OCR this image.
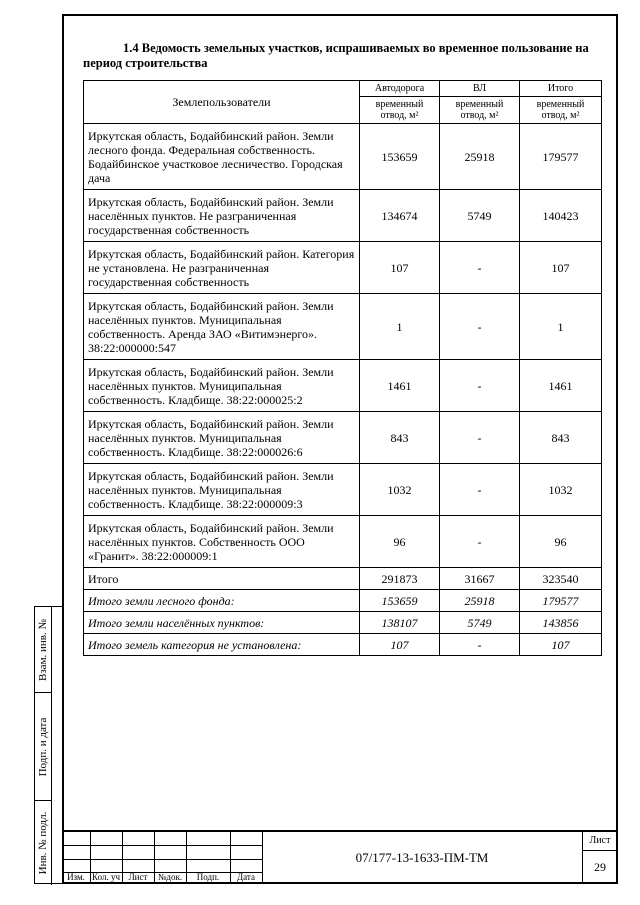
Взам. инв. №
Подп. и дата
Инв. № подл.
1.4 Ведомость земельных участков, испрашиваемых во временное пользование на период строительства
Землепользователи	Автодорога	ВЛ	Итого
	временный отвод, м²	временный отвод, м²	временный отвод, м²
Иркутская область, Бодайбинский район. Земли лесного фонда. Федеральная собственность. Бодайбинское участковое лесничество. Городская дача	153659	25918	179577
Иркутская область, Бодайбинский район. Земли населённых пунктов. Не разграниченная государственная собственность	134674	5749	140423
Иркутская область, Бодайбинский район. Категория не установлена. Не разграниченная государственная собственность	107	-	107
Иркутская область, Бодайбинский район. Земли населённых пунктов. Муниципальная собственность. Аренда ЗАО «Витимэнерго». 38:22:000000:547	1	-	1
Иркутская область, Бодайбинский район. Земли населённых пунктов. Муниципальная собственность. Кладбище. 38:22:000025:2	1461	-	1461
Иркутская область, Бодайбинский район. Земли населённых пунктов. Муниципальная собственность. Кладбище. 38:22:000026:6	843	-	843
Иркутская область, Бодайбинский район. Земли населённых пунктов. Муниципальная собственность. Кладбище. 38:22:000009:3	1032	-	1032
Иркутская область, Бодайбинский район. Земли населённых пунктов. Собственность ООО «Гранит». 38:22:000009:1	96	-	96
Итого	291873	31667	323540
Итого земли лесного фонда:	153659	25918	179577
Итого земли населённых пунктов:	138107	5749	143856
Итого земель категория не установлена:	107	-	107
Изм. Кол. уч Лист	№док.	Подп.	Дата
07/177-13-1633-ПМ-ТМ
Лист
29
